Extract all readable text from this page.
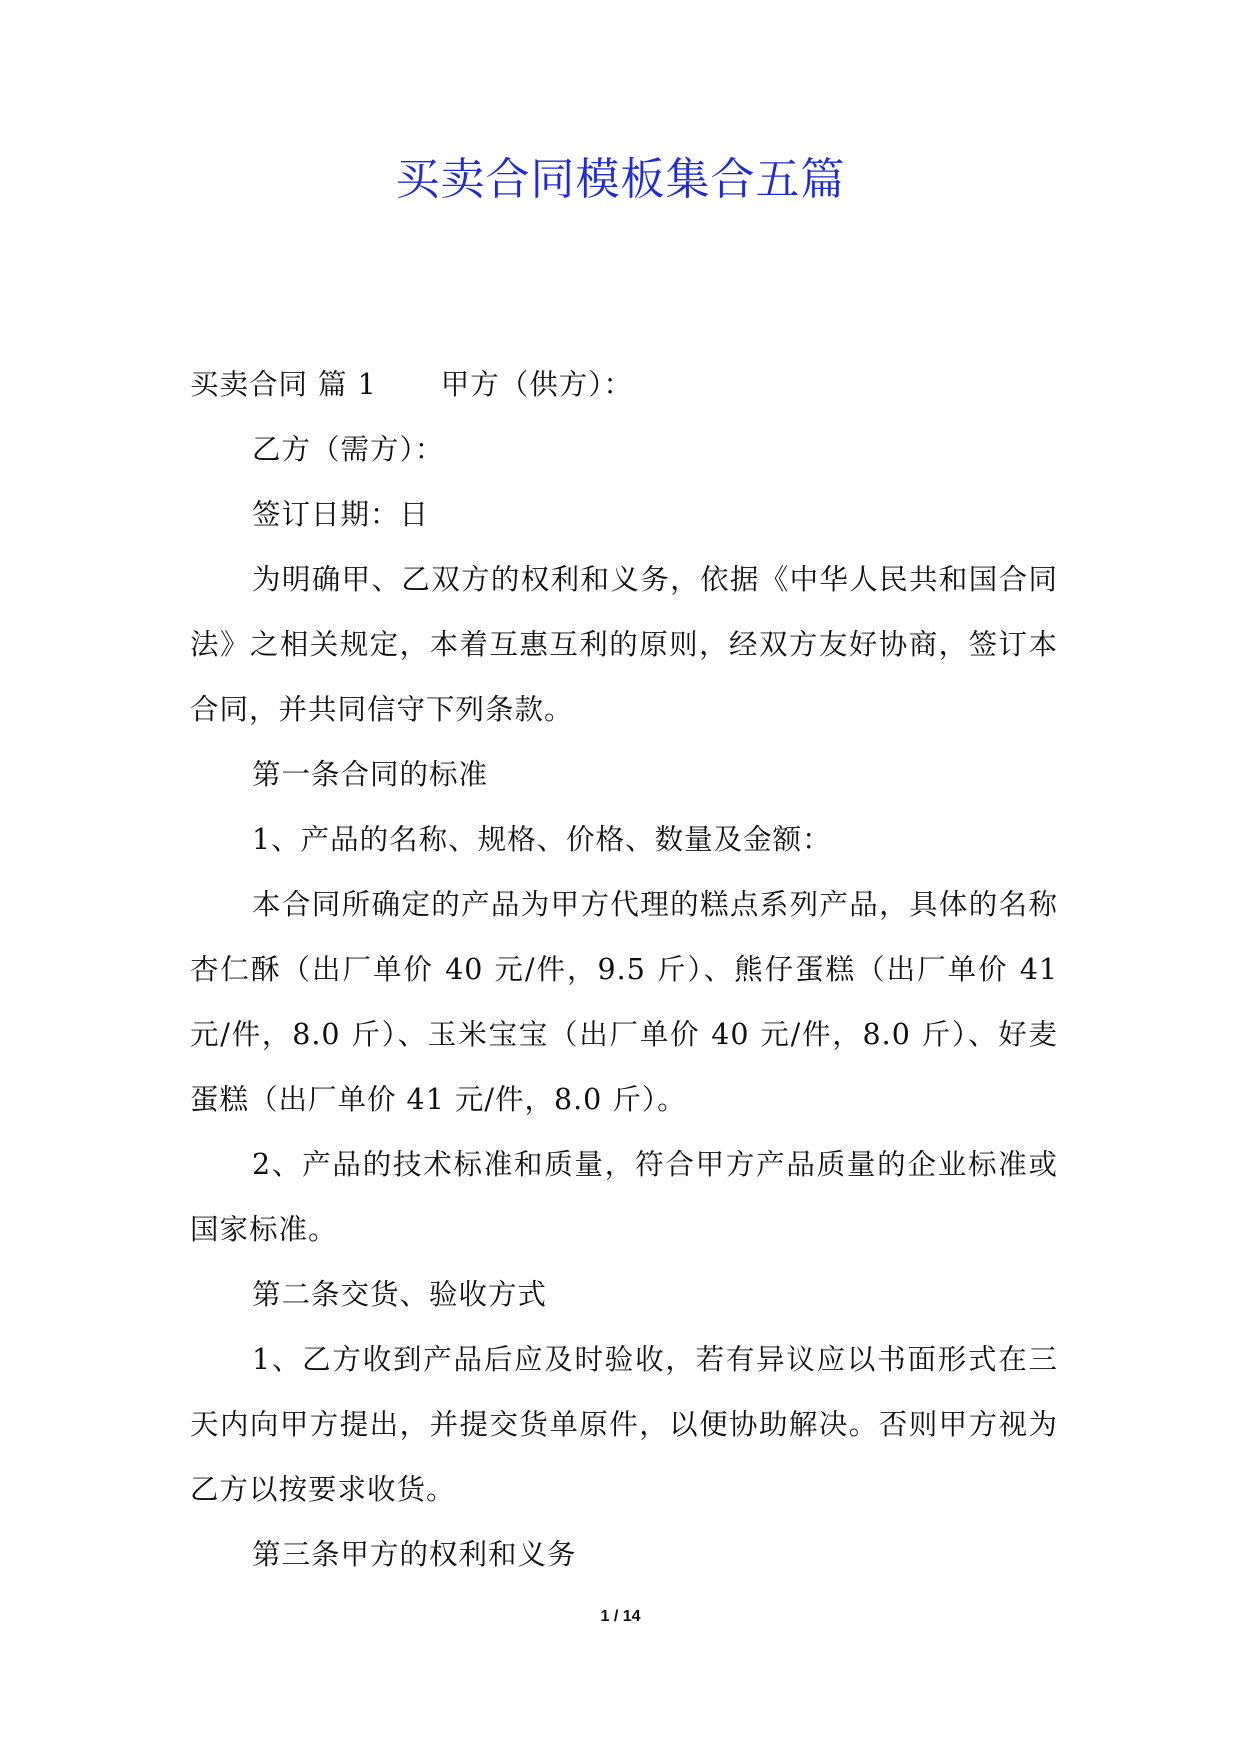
买卖合同模板集合五篇

买卖合同 篇 1 甲方（供方）：

乙方（需方）：

签订日期：日

为明确甲、乙双方的权利和义务，依据《中华人民共和国合同法》之相关规定，本着互惠互利的原则，经双方友好协商，签订本合同，并共同信守下列条款。

第一条合同的标准

1、产品的名称、规格、价格、数量及金额：

本合同所确定的产品为甲方代理的糕点系列产品，具体的名称杏仁酥（出厂单价 40 元/件，9.5 斤）、熊仔蛋糕（出厂单价 41 元/件，8.0 斤）、玉米宝宝（出厂单价 40 元/件，8.0 斤）、好麦蛋糕（出厂单价 41 元/件，8.0 斤）。

2、产品的技术标准和质量，符合甲方产品质量的企业标准或国家标准。

第二条交货、验收方式

1、乙方收到产品后应及时验收，若有异议应以书面形式在三天内向甲方提出，并提交货单原件，以便协助解决。否则甲方视为乙方以按要求收货。

第三条甲方的权利和义务

1 / 14
